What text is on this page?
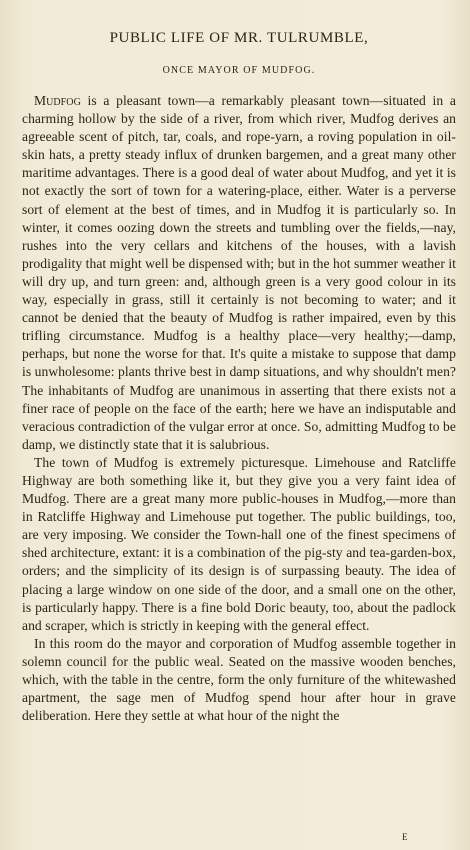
PUBLIC LIFE OF MR. TULRUMBLE,
ONCE MAYOR OF MUDFOG.

Mudfog is a pleasant town—a remarkably pleasant town—situated in a charming hollow by the side of a river, from which river, Mudfog derives an agreeable scent of pitch, tar, coals, and rope-yarn, a roving population in oil-skin hats, a pretty steady influx of drunken bargemen, and a great many other maritime advantages. There is a good deal of water about Mudfog, and yet it is not exactly the sort of town for a watering-place, either. Water is a perverse sort of element at the best of times, and in Mudfog it is particularly so. In winter, it comes oozing down the streets and tumbling over the fields,—nay, rushes into the very cellars and kitchens of the houses, with a lavish prodigality that might well be dispensed with; but in the hot summer weather it will dry up, and turn green: and, although green is a very good colour in its way, especially in grass, still it certainly is not becoming to water; and it cannot be denied that the beauty of Mudfog is rather impaired, even by this trifling circumstance. Mudfog is a healthy place—very healthy;—damp, perhaps, but none the worse for that. It's quite a mistake to suppose that damp is unwholesome: plants thrive best in damp situations, and why shouldn't men? The inhabitants of Mudfog are unanimous in asserting that there exists not a finer race of people on the face of the earth; here we have an indisputable and veracious contradiction of the vulgar error at once. So, admitting Mudfog to be damp, we distinctly state that it is salubrious.

The town of Mudfog is extremely picturesque. Limehouse and Ratcliffe Highway are both something like it, but they give you a very faint idea of Mudfog. There are a great many more public-houses in Mudfog,—more than in Ratcliffe Highway and Limehouse put together. The public buildings, too, are very imposing. We consider the Town-hall one of the finest specimens of shed architecture, extant: it is a combination of the pig-sty and tea-garden-box, orders; and the simplicity of its design is of surpassing beauty. The idea of placing a large window on one side of the door, and a small one on the other, is particularly happy. There is a fine bold Doric beauty, too, about the padlock and scraper, which is strictly in keeping with the general effect.

In this room do the mayor and corporation of Mudfog assemble together in solemn council for the public weal. Seated on the massive wooden benches, which, with the table in the centre, form the only furniture of the whitewashed apartment, the sage men of Mudfog spend hour after hour in grave deliberation. Here they settle at what hour of the night the

E
